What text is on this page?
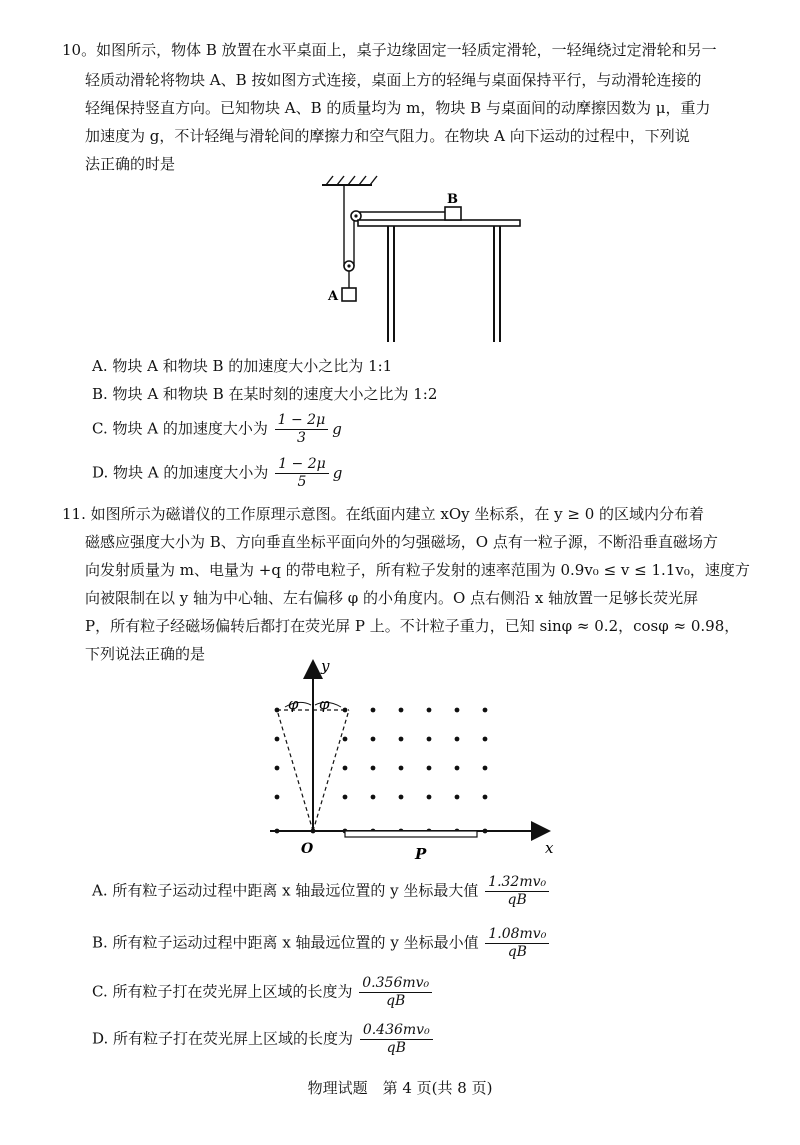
10。如图所示，物体 B 放置在水平桌面上，桌子边缘固定一轻质定滑轮，一轻绳绕过定滑轮和另一
轻质动滑轮将物块 A、B 按如图方式连接，桌面上方的轻绳与桌面保持平行，与动滑轮连接的
轻绳保持竖直方向。已知物块 A、B 的质量均为 m，物块 B 与桌面间的动摩擦因数为 μ，重力
加速度为 g，不计轻绳与滑轮间的摩擦力和空气阻力。在物块 A 向下运动的过程中，下列说
法正确的时是
B
A
A. 物块 A 和物块 B 的加速度大小之比为 1:1
B. 物块 A 和物块 B 在某时刻的速度大小之比为 1:2
C. 物块 A 的加速度大小为 $\frac{1 - 2\mu}{3}$ g
D. 物块 A 的加速度大小为 $\frac{1 - 2\mu}{5}$ g
11. 如图所示为磁谱仪的工作原理示意图。在纸面内建立 xOy 坐标系，在 y ≥ 0 的区域内分布着
磁感应强度大小为 B、方向垂直坐标平面向外的匀强磁场，O 点有一粒子源，不断沿垂直磁场方
向发射质量为 m、电量为 +q 的带电粒子，所有粒子发射的速率范围为 0.9v₀ ≤ v ≤ 1.1v₀，速度方
向被限制在以 y 轴为中心轴、左右偏移 φ 的小角度内。O 点右侧沿 x 轴放置一足够长荧光屏
P，所有粒子经磁场偏转后都打在荧光屏 P 上。不计粒子重力，已知 sinφ ≈ 0.2，cosφ ≈ 0.98，
下列说法正确的是
y
x
O
φ φ
P
A. 所有粒子运动过程中距离 x 轴最远位置的 y 坐标最大值 $\frac{\text{1.32mv₀}}{qB}$
B. 所有粒子运动过程中距离 x 轴最远位置的 y 坐标最小值 $\frac{\text{1.08mv₀}}{qB}$
C. 所有粒子打在荧光屏上区域的长度为 $\frac{\text{0.356mv₀}}{qB}$
D. 所有粒子打在荧光屏上区域的长度为 $\frac{\text{0.436mv₀}}{qB}$
物理试题　第 4 页(共 8 页)
